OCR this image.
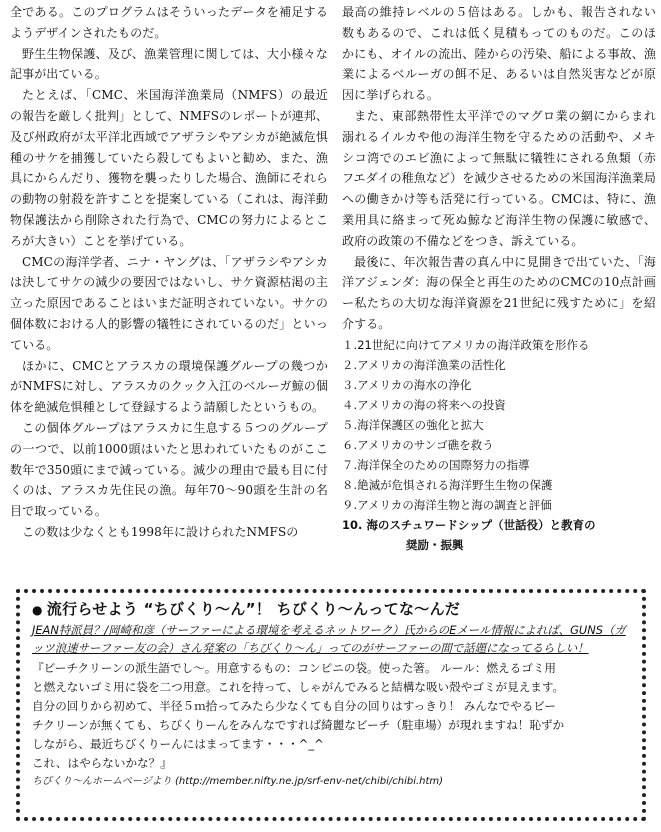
全である。このプログラムはそういったデータを補足するようデザインされたものだ。

野生生物保護、及び、漁業管理に関しては、大小様々な記事が出ている。

たとえば、「CMC、米国海洋漁業局（NMFS）の最近の報告を厳しく批判」として、NMFSのレポートが連邦、及び州政府が太平洋北西域でアザラシやアシカが絶滅危惧種のサケを捕獲していたら殺してもよいと勧め、また、漁具にからんだり、獲物を襲ったりした場合、漁師にそれらの動物の射殺を許すことを提案している（これは、海洋動物保護法から削除された行為で、CMCの努力によるところが大きい）ことを挙げている。

CMCの海洋学者、ニナ・ヤングは、「アザラシやアシカは決してサケの減少の要因ではないし、サケ資源枯渇の主立った原因であることはいまだ証明されていない。サケの個体数における人的影響の犠牲にされているのだ」といっている。

ほかに、CMCとアラスカの環境保護グループの幾つかがNMFSに対し、アラスカのクック入江のベルーガ鯨の個体を絶滅危惧種として登録するよう請願したというもの。

この個体グループはアラスカに生息する５つのグループの一つで、以前1000頭はいたと思われていたものがここ数年で350頭にまで減っている。減少の理由で最も目に付くのは、アラスカ先住民の漁。毎年70〜90頭を生計の名目で取っている。

この数は少なくとも1998年に設けられたNMFSの

最高の維持レベルの５倍はある。しかも、報告されない数もあるので、これは低く見積もってのものだ。このほかにも、オイルの流出、陸からの汚染、船による事故、漁業によるベルーガの餌不足、あるいは自然災害などが原因に挙げられる。

また、東部熱帯性太平洋でのマグロ業の網にからまれ溺れるイルカや他の海洋生物を守るための活動や、メキシコ湾でのエビ漁によって無駄に犠牲にされる魚類（赤フエダイの稚魚など）を減少させるための米国海洋漁業局への働きかけ等も活発に行っている。CMCは、特に、漁業用具に絡まって死ぬ鯨など海洋生物の保護に敏感で、政府の政策の不備などをつき、訴えている。

最後に、年次報告書の真ん中に見開きで出ていた、「海洋アジェンダ：海の保全と再生のためのCMCの10点計画ー私たちの大切な海洋資源を21世紀に残すために」を紹介する。

１.21世紀に向けてアメリカの海洋政策を形作る
２.アメリカの海洋漁業の活性化
３.アメリカの海水の浄化
４.アメリカの海の将来への投資
５.海洋保護区の強化と拡大
６.アメリカのサンゴ礁を救う
７.海洋保全のための国際努力の指導
８.絶滅が危惧される海洋野生生物の保護
９.アメリカの海洋生物と海の調査と評価
10. 海のスチュワードシップ（世話役）と教育の
奨励・振興
● 流行らせよう “ちびくり〜ん”！ ちびくり〜んってな〜んだ
JEAN特派員？/岡崎和彦（サーファーによる環境を考えるネットワーク）氏からのEメール情報によれば、GUNS（ガッツ浪速サーファー友の会）さん発案の「ちびくり〜ん」ってのがサーファーの間で話題になってるらしい！
『ビーチクリーンの派生語でし〜。用意するもの：コンビニの袋。使った箸。 ルール：燃えるゴミ用
と燃えないゴミ用に袋を二つ用意。これを持って、しゃがんでみると結構な吸い殻やゴミが見えます。
自分の回りから初めて、半径５ｍ拾ってみたら少なくても自分の回りはすっきり！ みんなでやるビー
チクリーンが無くても、ちびくりーんをみんなですれば綺麗なビーチ（駐車場）が現れますね！恥ずか
しながら、最近ちびくりーんにはまってます・・・^_^
これ、はやらないかな？』
ちびくり〜んホームページより (http://member.nifty.ne.jp/srf-env-net/chibi/chibi.htm)
